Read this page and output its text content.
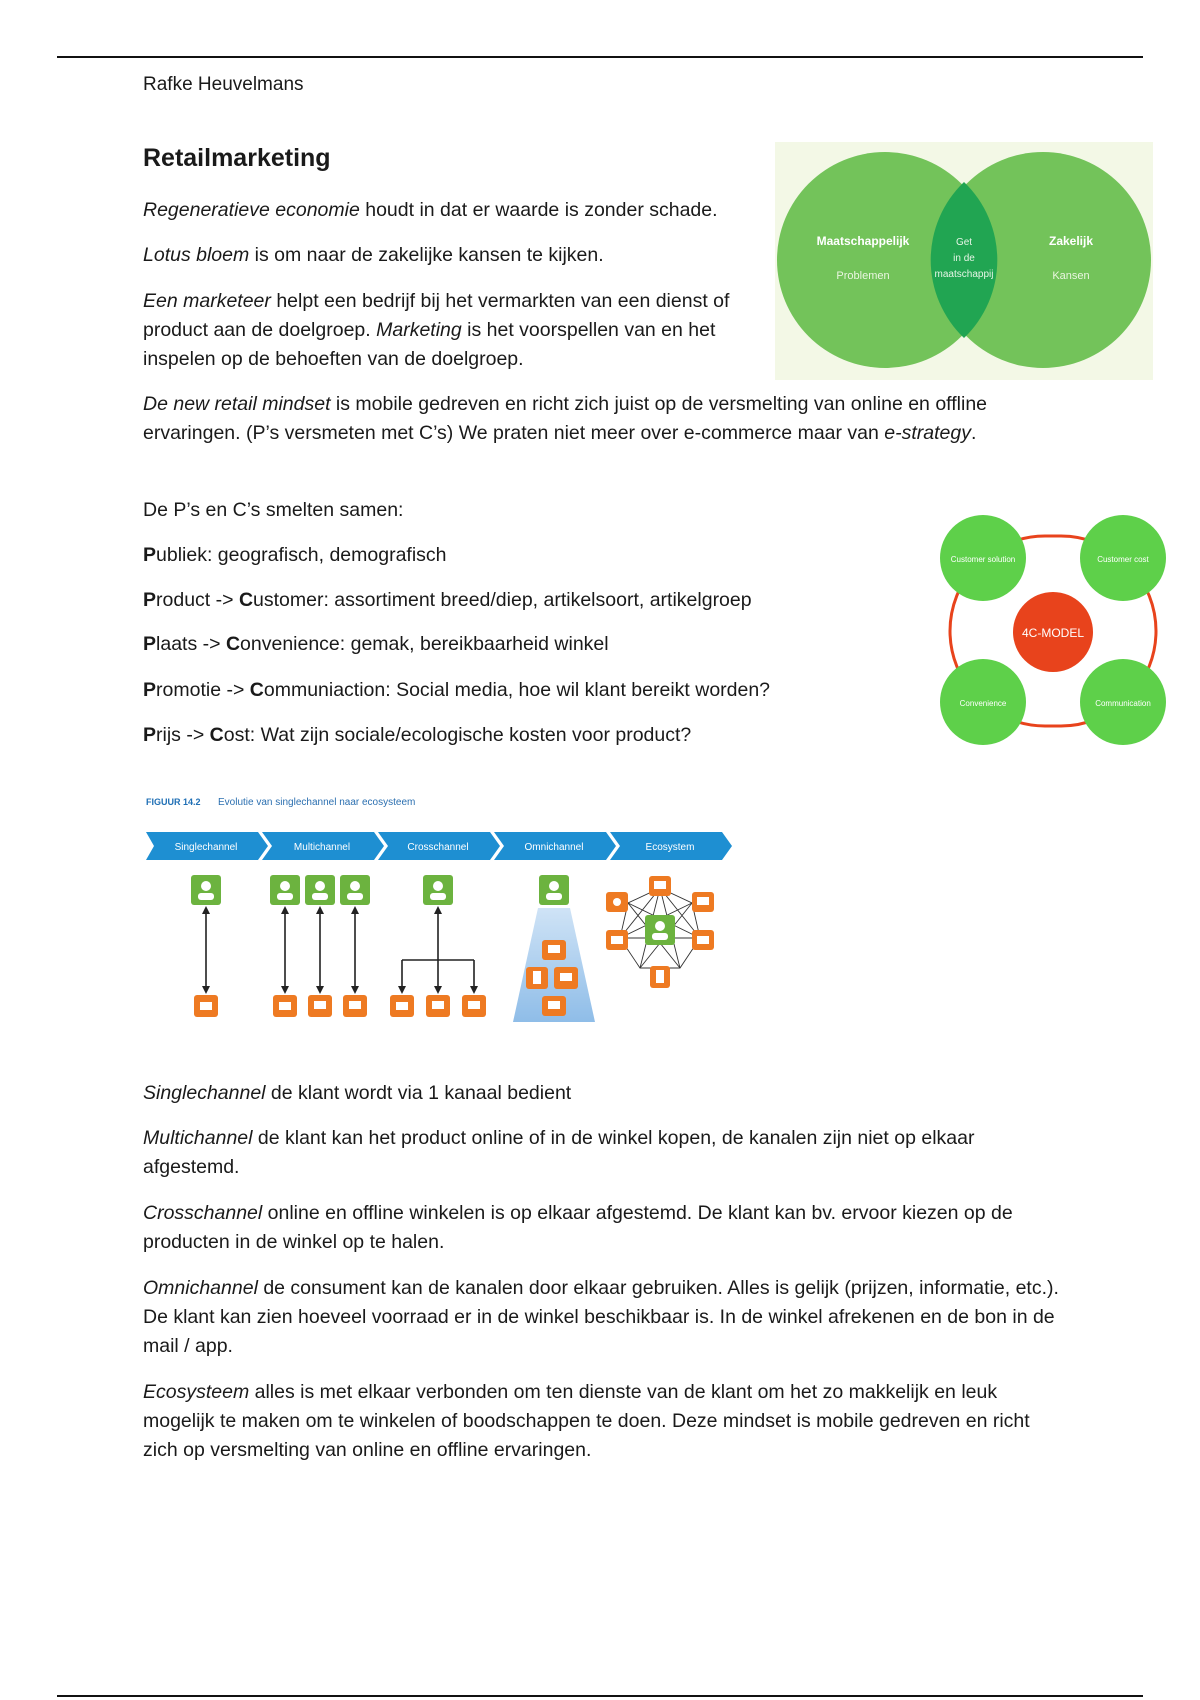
Rafke Heuvelmans
Retailmarketing

Regeneratieve economie houdt in dat er waarde is zonder schade.

Lotus bloem is om naar de zakelijke kansen te kijken.

Een marketeer helpt een bedrijf bij het vermarkten van een dienst of product aan de doelgroep. Marketing is het voorspellen van en het inspelen op de behoeften van de doelgroep.

De new retail mindset is mobile gedreven en richt zich juist op de versmelting van online en offline ervaringen. (P’s versmeten met C’s) We praten niet meer over e-commerce maar van e-strategy.

De P’s en C’s smelten samen:

Publiek: geografisch, demografisch

Product -> Customer: assortiment breed/diep, artikelsoort, artikelgroep

Plaats -> Convenience: gemak, bereikbaarheid winkel

Promotie -> Communiaction: Social media, hoe wil klant bereikt worden?

Prijs -> Cost: Wat zijn sociale/ecologische kosten voor product?

Maatschappelijk
Problemen
Zakelijk
Kansen
Get
in de
maatschappij
4C-MODEL
Customer solution	Customer cost
Convenience	Communication
FIGUUR 14.2 Evolutie van singlechannel naar ecosysteem
Singlechannel	Multichannel	Crosschannel	Omnichannel	Ecosystem

Singlechannel de klant wordt via 1 kanaal bedient

Multichannel de klant kan het product online of in de winkel kopen, de kanalen zijn niet op elkaar afgestemd.

Crosschannel online en offline winkelen is op elkaar afgestemd. De klant kan bv. ervoor kiezen op de producten in de winkel op te halen.

Omnichannel de consument kan de kanalen door elkaar gebruiken. Alles is gelijk (prijzen, informatie, etc.). De klant kan zien hoeveel voorraad er in de winkel beschikbaar is. In de winkel afrekenen en de bon in de mail / app.

Ecosysteem alles is met elkaar verbonden om ten dienste van de klant om het zo makkelijk en leuk mogelijk te maken om te winkelen of boodschappen te doen. Deze mindset is mobile gedreven en richt zich op versmelting van online en offline ervaringen.
